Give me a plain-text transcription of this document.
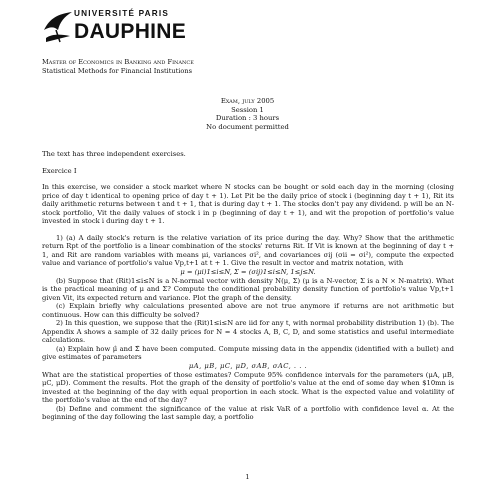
UNIVERSITÉ PARIS
DAUPHINE
Master of Economics in Banking and Finance
Statistical Methods for Financial Institutions
Exam, july 2005
Session 1
Duration : 3 hours
No document permitted

The text has three independent exercises.

Exercice I

In this exercise, we consider a stock market where N stocks can be bought or sold each day in the morning (closing price of day t identical to opening price of day t + 1). Let Pit be the daily price of stock i (beginning day t + 1), Rit its daily arithmetic returns between t and t + 1, that is during day t + 1. The stocks don't pay any dividend. p will be an N-stock portfolio, Vit the daily values of stock i in p (beginning of day t + 1), and wit the propotion of portfolio's value invested in stock i during day t + 1.

1) (a) A daily stock's return is the relative variation of its price during the day. Why? Show that the arithmetic return Rpt of the portfolio is a linear combination of the stocks' returns Rit. If Vit is known at the beginning of day t + 1, and Rit are random variables with means μi, variances σi², and covariances σij (σii = σi²), compute the expected value and variance of portfolio's value Vp,t+1 at t + 1. Give the result in vector and matrix notation, with

μ = (μi)1≤i≤N, Σ = (σij)1≤i≤N, 1≤j≤N.

(b) Suppose that (Rit)1≤i≤N is a N-normal vector with density N(μ, Σ) (μ is a N-vector, Σ is a N × N-matrix). What is the practical meaning of μ and Σ? Compute the conditional probability density function of portfolio's value Vp,t+1 given Vit, its expected return and variance. Plot the graph of the density.

(c) Explain briefly why calculations presented above are not true anymore if returns are not arithmetic but continuous. How can this difficulty be solved?

2) In this question, we suppose that the (Rit)1≤i≤N are iid for any t, with normal probability distribution 1) (b). The Appendix A shows a sample of 32 daily prices for N = 4 stocks A, B, C, D, and some statistics and useful intermediate calculations.

(a) Explain how μ̂ and Σ̂ have been computed. Compute missing data in the appendix (identified with a bullet) and give estimates of parameters

μA, μB, μC, μD, σAB, σAC, . . .

What are the statistical properties of those estimates? Compute 95% confidence intervals for the parameters (μA, μB, μC, μD). Comment the results. Plot the graph of the density of portfolio's value at the end of some day when $10mn is invested at the beginning of the day with equal proportion in each stock. What is the expected value and volatility of the portfolio's value at the end of the day?

(b) Define and comment the significance of the value at risk VaR of a portfolio with confidence level α. At the beginning of the day following the last sample day, a portfolio

1
